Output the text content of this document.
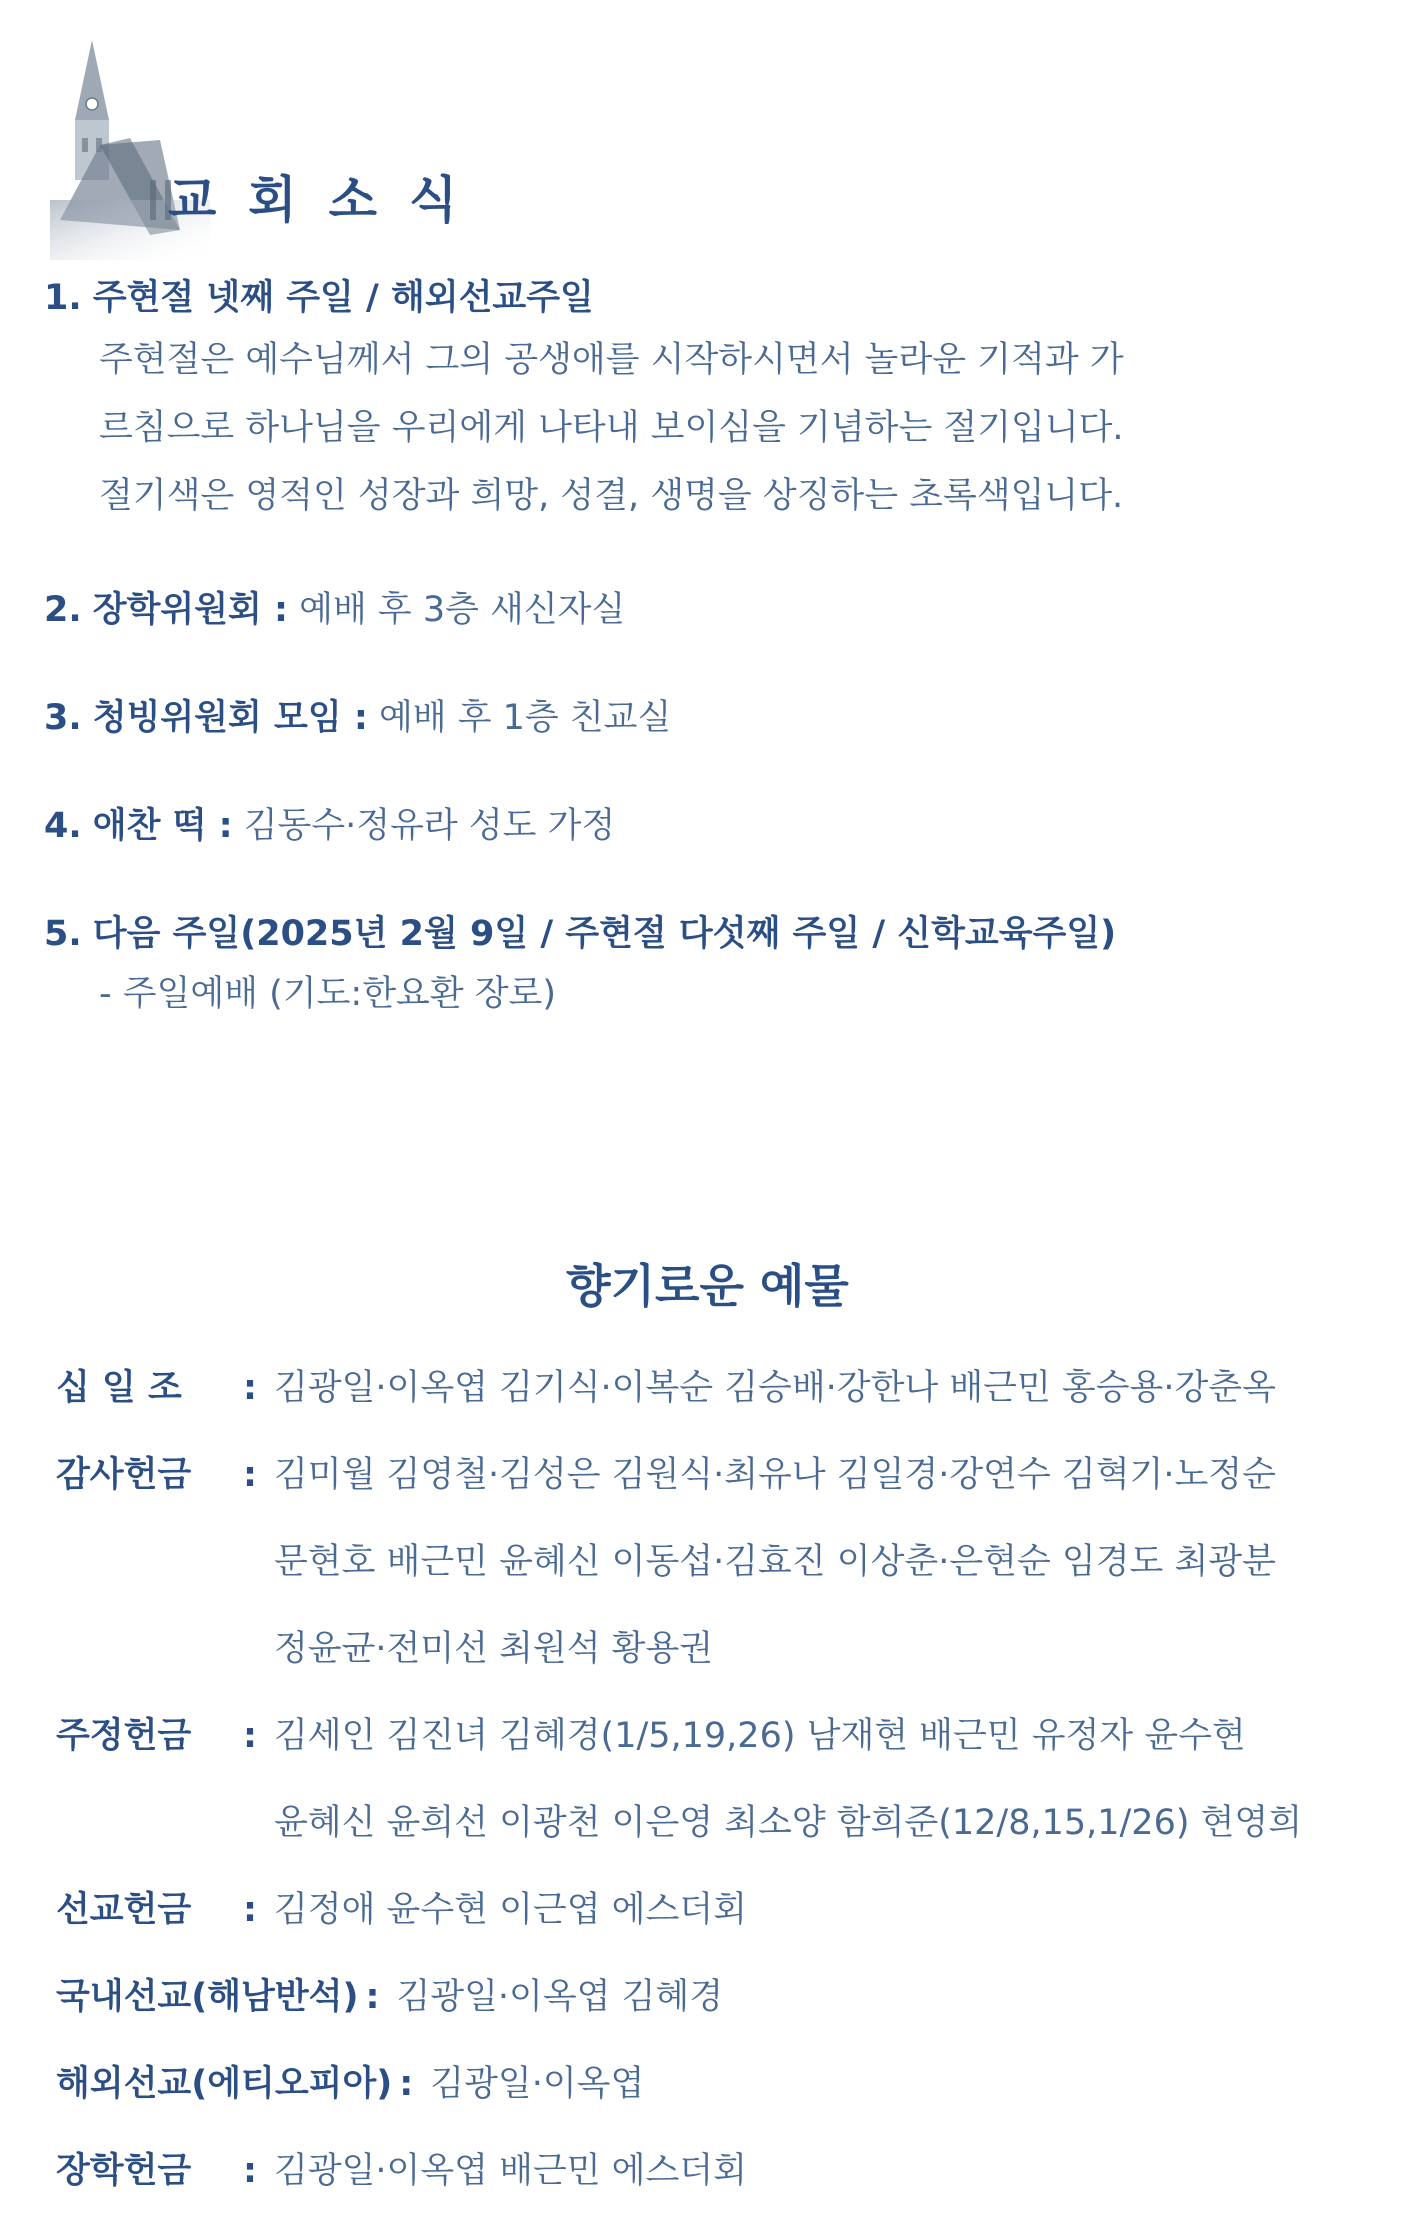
교회소식
1. 주현절 넷째 주일 / 해외선교주일
주현절은 예수님께서 그의 공생애를 시작하시면서 놀라운 기적과 가
르침으로 하나님을 우리에게 나타내 보이심을 기념하는 절기입니다.
절기색은 영적인 성장과 희망, 성결, 생명을 상징하는 초록색입니다.
2. 장학위원회 : 예배 후 3층 새신자실
3. 청빙위원회 모임 : 예배 후 1층 친교실
4. 애찬 떡 : 김동수·정유라 성도 가정
5. 다음 주일(2025년 2월 9일 / 주현절 다섯째 주일 / 신학교육주일)
- 주일예배 (기도:한요환 장로)
향기로운 예물
십 일 조	: 김광일·이옥엽 김기식·이복순 김승배·강한나 배근민 홍승용·강춘옥
감사헌금	: 김미월 김영철·김성은 김원식·최유나 김일경·강연수 김혁기·노정순
문현호 배근민 윤혜신 이동섭·김효진 이상춘·은현순 임경도 최광분
정윤균·전미선 최원석 황용권
주정헌금	: 김세인 김진녀 김혜경(1/5,19,26) 남재현 배근민 유정자 윤수현
윤혜신 윤희선 이광천 이은영 최소양 함희준(12/8,15,1/26) 현영희
선교헌금	: 김정애 윤수현 이근엽 에스더회
국내선교(해남반석) : 김광일·이옥엽 김혜경
해외선교(에티오피아) : 김광일·이옥엽
장학헌금	: 김광일·이옥엽 배근민 에스더회
